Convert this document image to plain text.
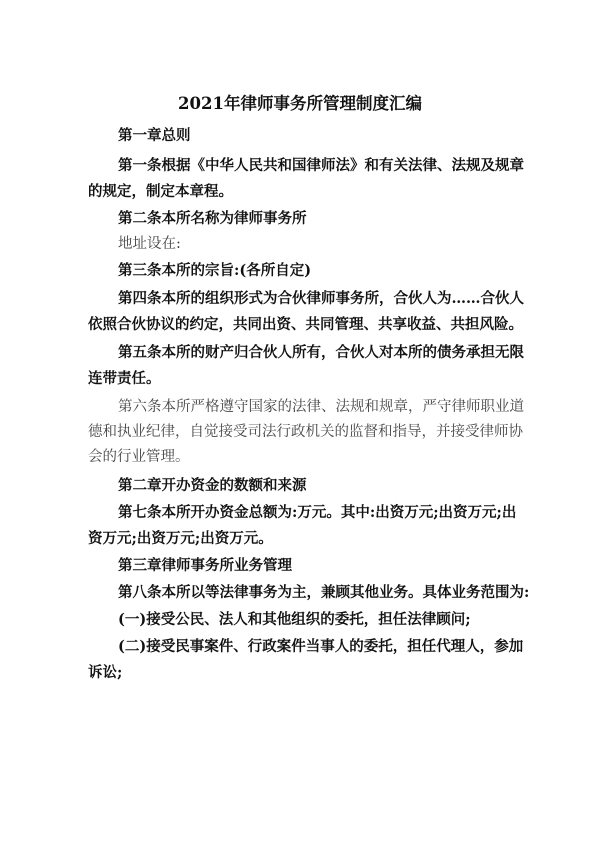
2021年律师事务所管理制度汇编
第一章总则
第一条根据《中华人民共和国律师法》和有关法律、法规及规章
的规定，制定本章程。
第二条本所名称为律师事务所
地址设在:
第三条本所的宗旨:(各所自定)
第四条本所的组织形式为合伙律师事务所，合伙人为……合伙人
依照合伙协议的约定，共同出资、共同管理、共享收益、共担风险。
第五条本所的财产归合伙人所有，合伙人对本所的债务承担无限
连带责任。
第六条本所严格遵守国家的法律、法规和规章，严守律师职业道
德和执业纪律，自觉接受司法行政机关的监督和指导，并接受律师协
会的行业管理。
第二章开办资金的数额和来源
第七条本所开办资金总额为:万元。其中:出资万元;出资万元;出
资万元;出资万元;出资万元。
第三章律师事务所业务管理
第八条本所以等法律事务为主，兼顾其他业务。具体业务范围为:
(一)接受公民、法人和其他组织的委托，担任法律顾问;
(二)接受民事案件、行政案件当事人的委托，担任代理人，参加
诉讼;
